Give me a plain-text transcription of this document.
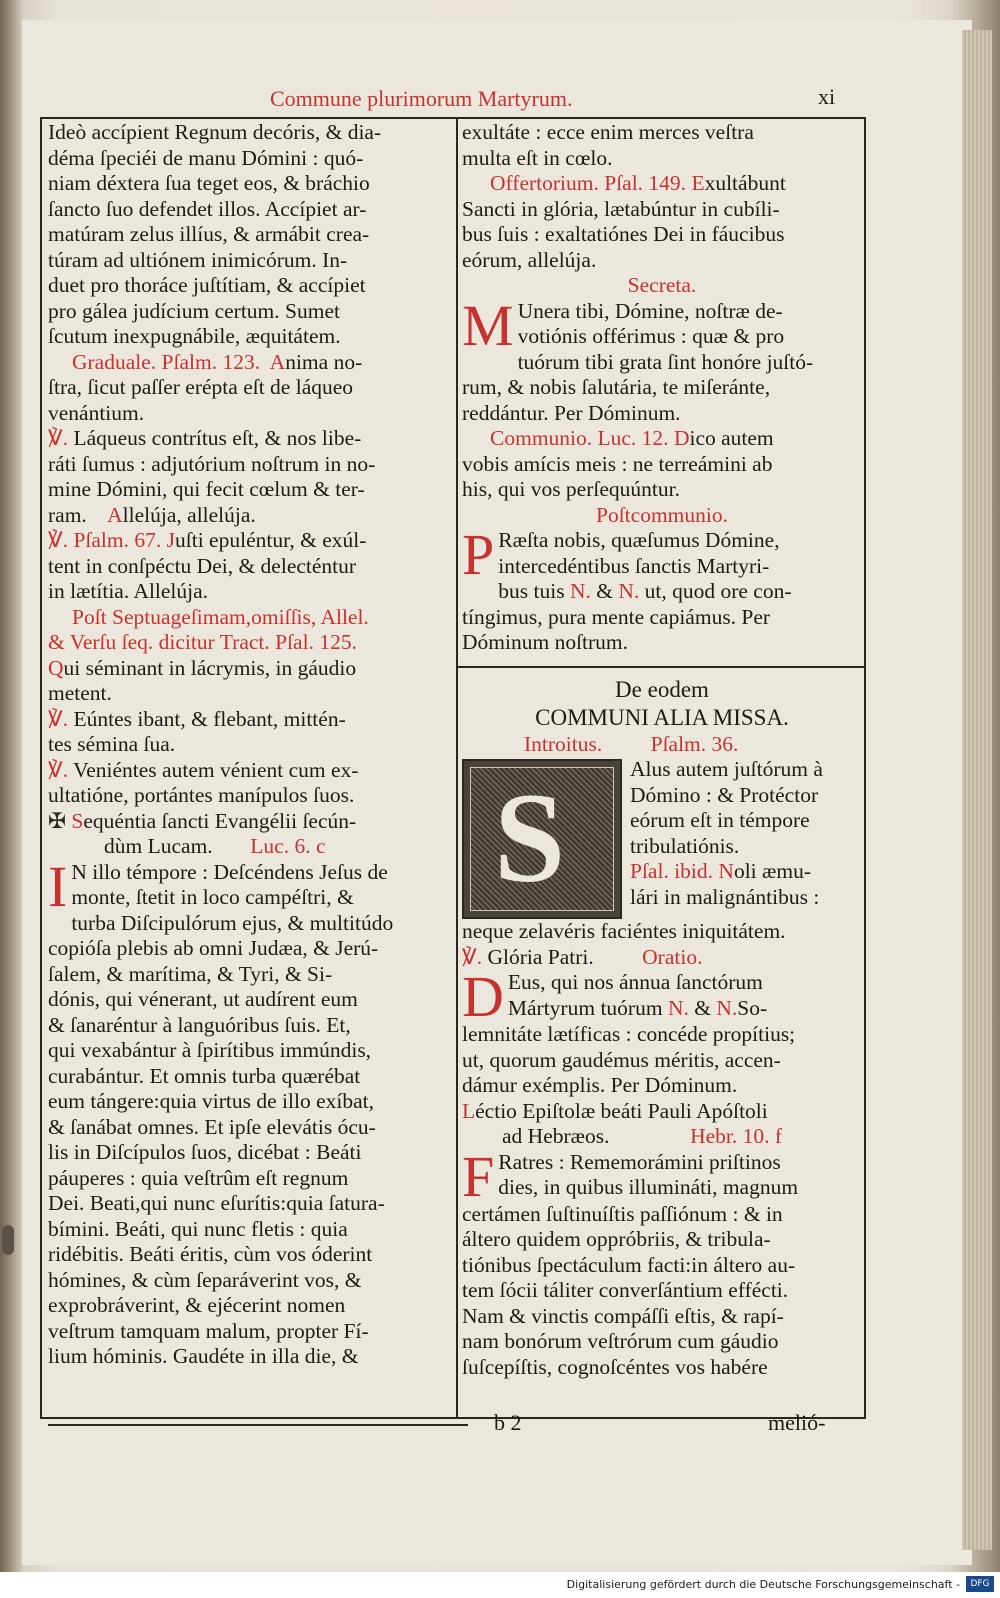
Commune plurimorum Martyrum.	xi
Ideò accípient Regnum decóris, & dia-
déma ſpeciéi de manu Dómini : quó-
niam déxtera ſua teget eos, & bráchio
ſancto ſuo defendet illos. Accípiet ar-
matúram zelus illíus, & armábit crea-
túram ad ultiónem inimicórum. In-
duet pro thoráce juſtítiam, & accípiet
pro gálea judícium certum. Sumet
ſcutum inexpugnábile, æquitátem.
Graduale. Pſalm. 123. Anima no-
ſtra, ſicut paſſer erépta eſt de láqueo
venántium.
℣. Láqueus contrítus eſt, & nos libe-
ráti ſumus : adjutórium noſtrum in no-
mine Dómini, qui fecit cœlum & ter-
ram. Allelúja, allelúja.
℣. Pſalm. 67. Juſti epuléntur, & exúl-
tent in conſpéctu Dei, & delecténtur
in lætítia. Allelúja.
Poſt Septuageſimam,omiſſis, Allel.
& Verſu ſeq. dicitur Tract. Pſal. 125.
Qui séminant in lácrymis, in gáudio
metent.
℣. Eúntes ibant, & flebant, mittén-
tes sémina ſua.
℣. Veniéntes autem vénient cum ex-
ultatióne, portántes manípulos ſuos.
✠ Sequéntia ſancti Evangélii ſecún-
dùm Lucam. Luc. 6. c
I N illo témpore : Deſcéndens Jeſus de
monte, ſtetit in loco campéſtri, &
turba Diſcipulórum ejus, & multitúdo
copióſa plebis ab omni Judæa, & Jerú-
ſalem, & marítima, & Tyri, & Si-
dónis, qui vénerant, ut audírent eum
& ſanaréntur à languóribus ſuis. Et,
qui vexabántur à ſpirítibus immúndis,
curabántur. Et omnis turba quærébat
eum tángere:quia virtus de illo exíbat,
& ſanábat omnes. Et ipſe elevátis ócu-
lis in Diſcípulos ſuos, dicébat : Beáti
páuperes : quia veſtrûm eſt regnum
Dei. Beati,qui nunc eſurítis:quia ſatura-
bímini. Beáti, qui nunc fletis : quia
ridébitis. Beáti éritis, cùm vos óderint
hómines, & cùm ſeparáverint vos, &
exprobráverint, & ejécerint nomen
veſtrum tamquam malum, propter Fí-
lium hóminis. Gaudéte in illa die, &
exultáte : ecce enim merces veſtra
multa eſt in cœlo.
Offertorium. Pſal. 149. Exultábunt
Sancti in glória, lætabúntur in cubíli-
bus ſuis : exaltatiónes Dei in fáucibus
eórum, allelúja.
Secreta.
M Unera tibi, Dómine, noſtræ de-
votiónis offérimus : quæ & pro
tuórum tibi grata ſint honóre juſtó-
rum, & nobis ſalutária, te miſeránte,
reddántur. Per Dóminum.
Communio. Luc. 12. Dico autem
vobis amícis meis : ne terreámini ab
his, qui vos perſequúntur.
Poſtcommunio.
P Ræſta nobis, quæſumus Dómine,
intercedéntibus ſanctis Martyri-
bus tuis N. & N. ut, quod ore con-
tíngimus, pura mente capiámus. Per
Dóminum noſtrum.
De eodem
COMMUNI ALIA MISSA.
Introitus. Pſalm. 36.
S	Alus autem juſtórum à
Dómino : & Protéctor
eórum eſt in témpore
tribulatiónis.
Pſal. ibid. Noli æmu-
lári in malignántibus :
neque zelavéris faciéntes iniquitátem.
℣. Glória Patri. Oratio.
D Eus, qui nos ánnua ſanctórum
Mártyrum tuórum N. & N.So-
lemnitáte lætíficas : concéde propítius;
ut, quorum gaudémus méritis, accen-
dámur exémplis. Per Dóminum.
Léctio Epiſtolæ beáti Pauli Apóſtoli
ad Hebræos.	Hebr. 10. f
F Ratres : Rememorámini priſtinos
dies, in quibus illumináti, magnum
certámen ſuſtinuíſtis paſſiónum : & in
áltero quidem oppróbriis, & tribula-
tiónibus ſpectáculum facti:in áltero au-
tem ſócii táliter converſántium effécti.
Nam & vinctis compáſſi eſtis, & rapí-
nam bonórum veſtrórum cum gáudio
ſuſcepíſtis, cognoſcéntes vos habére
b 2	melió-
Digitalisierung gefördert durch die Deutsche Forschungsgemeinschaft -	DFG
